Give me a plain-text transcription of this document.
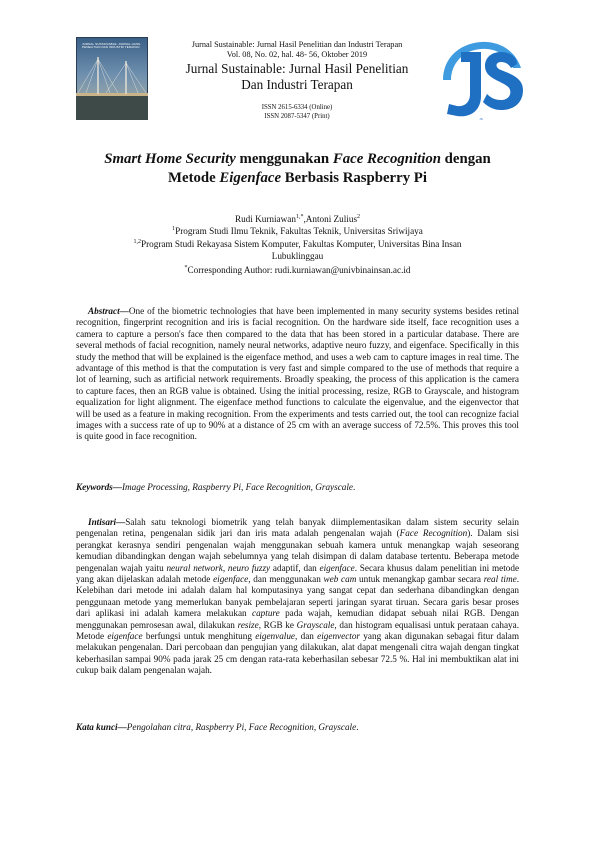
JURNAL SUSTAINABLE: JURNAL HASIL PENELITIAN DAN INDUSTRI TERAPAN	Jurnal Sustainable: Jurnal Hasil Penelitian dan Industri Terapan
Vol. 08, No. 02, hal. 48- 56, Oktober 2019
Jurnal Sustainable: Jurnal Hasil Penelitian
Dan Industri Terapan
ISSN 2615-6334 (Online)
ISSN 2087-5347 (Print)	JS
Smart Home Security menggunakan Face Recognition dengan
Metode Eigenface Berbasis Raspberry Pi
Rudi Kurniawan$^{1,*}$,Antoni Zulius$^2$
$^1$Program Studi Ilmu Teknik, Fakultas Teknik, Universitas Sriwijaya
$^{1,2}$Program Studi Rekayasa Sistem Komputer, Fakultas Komputer, Universitas Bina Insan
Lubuklinggau
*Corresponding Author: rudi.kurniawan@univbinainsan.ac.id
Abstract—One of the biometric technologies that have been implemented in many security systems besides retinal recognition, fingerprint recognition and iris is facial recognition. On the hardware side itself, face recognition uses a camera to capture a person's face then compared to the data that has been stored in a particular database. There are several methods of facial recognition, namely neural networks, adaptive neuro fuzzy, and eigenface. Specifically in this study the method that will be explained is the eigenface method, and uses a web cam to capture images in real time. The advantage of this method is that the computation is very fast and simple compared to the use of methods that require a lot of learning, such as artificial network requirements. Broadly speaking, the process of this application is the camera to capture faces, then an RGB value is obtained. Using the initial processing, resize, RGB to Grayscale, and histogram equalization for light alignment. The eigenface method functions to calculate the eigenvalue, and the eigenvector that will be used as a feature in making recognition. From the experiments and tests carried out, the tool can recognize facial images with a success rate of up to 90% at a distance of 25 cm with an average success of 72.5%. This proves this tool is quite good in face recognition.
Keywords—Image Processing, Raspberry Pi, Face Recognition, Grayscale.
Intisari—Salah satu teknologi biometrik yang telah banyak diimplementasikan dalam sistem security selain pengenalan retina, pengenalan sidik jari dan iris mata adalah pengenalan wajah (Face Recognition). Dalam sisi perangkat kerasnya sendiri pengenalan wajah menggunakan sebuah kamera untuk menangkap wajah seseorang kemudian dibandingkan dengan wajah sebelumnya yang telah disimpan di dalam database tertentu. Beberapa metode pengenalan wajah yaitu neural network, neuro fuzzy adaptif, dan eigenface. Secara khusus dalam penelitian ini metode yang akan dijelaskan adalah metode eigenface, dan menggunakan web cam untuk menangkap gambar secara real time. Kelebihan dari metode ini adalah dalam hal komputasinya yang sangat cepat dan sederhana dibandingkan dengan penggunaan metode yang memerlukan banyak pembelajaran seperti jaringan syarat tiruan. Secara garis besar proses dari aplikasi ini adalah kamera melakukan capture pada wajah, kemudian didapat sebuah nilai RGB. Dengan menggunakan pemrosesan awal, dilakukan resize, RGB ke Grayscale, dan histogram equalisasi untuk perataan cahaya. Metode eigenface berfungsi untuk menghitung eigenvalue, dan eigenvector yang akan digunakan sebagai fitur dalam melakukan pengenalan. Dari percobaan dan pengujian yang dilakukan, alat dapat mengenali citra wajah dengan tingkat keberhasilan sampai 90% pada jarak 25 cm dengan rata-rata keberhasilan sebesar 72.5 %. Hal ini membuktikan alat ini cukup baik dalam pengenalan wajah.
Kata kunci—Pengolahan citra, Raspberry Pi, Face Recognition, Grayscale.
